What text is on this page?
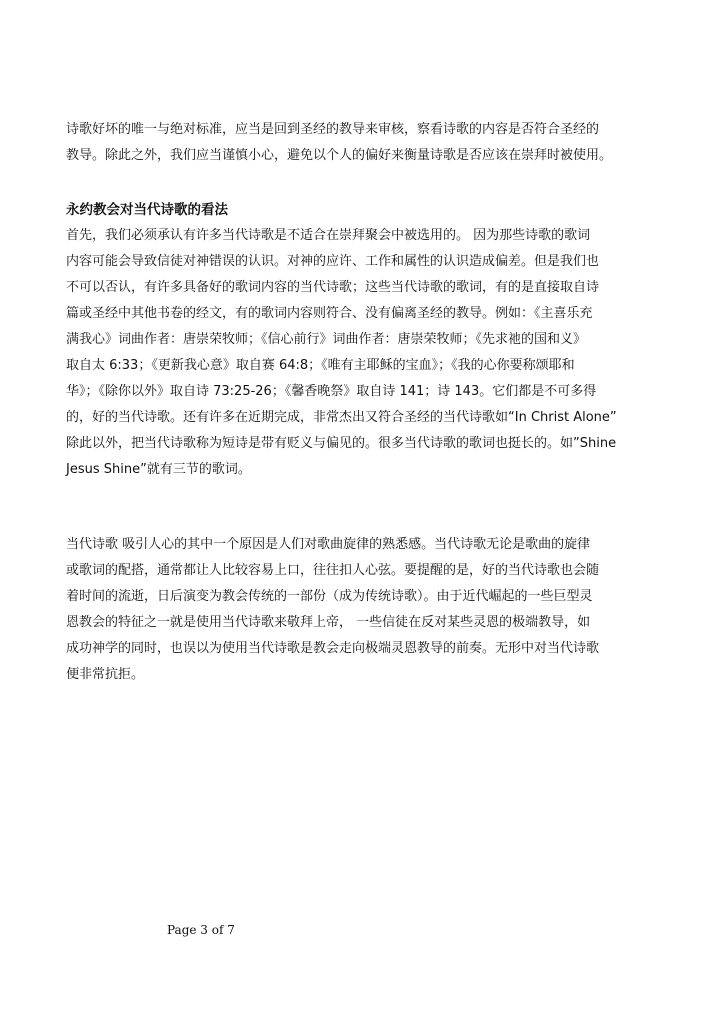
诗歌好坏的唯一与绝对标准，应当是回到圣经的教导来审核，察看诗歌的内容是否符合圣经的
教导。除此之外，我们应当谨慎小心，避免以个人的偏好来衡量诗歌是否应该在崇拜时被使用。
永约教会对当代诗歌的看法
首先，我们必须承认有许多当代诗歌是不适合在崇拜聚会中被选用的。 因为那些诗歌的歌词
内容可能会导致信徒对神错误的认识。对神的应许、工作和属性的认识造成偏差。但是我们也
不可以否认，有许多具备好的歌词内容的当代诗歌；这些当代诗歌的歌词，有的是直接取自诗
篇或圣经中其他书卷的经文，有的歌词内容则符合、没有偏离圣经的教导。例如：《主喜乐充
满我心》词曲作者：唐崇荣牧师；《信心前行》词曲作者：唐崇荣牧师；《先求祂的国和义》
取自太 6:33；《更新我心意》取自赛 64:8；《唯有主耶稣的宝血》；《我的心你要称颂耶和
华》；《除你以外》取自诗 73:25-26；《馨香晚祭》取自诗 141；诗 143。它们都是不可多得
的，好的当代诗歌。还有许多在近期完成，非常杰出又符合圣经的当代诗歌如“In Christ Alone”
除此以外，把当代诗歌称为短诗是带有贬义与偏见的。很多当代诗歌的歌词也挺长的。如”Shine
Jesus Shine”就有三节的歌词。
当代诗歌 吸引人心的其中一个原因是人们对歌曲旋律的熟悉感。当代诗歌无论是歌曲的旋律
或歌词的配搭，通常都让人比较容易上口，往往扣人心弦。要提醒的是，好的当代诗歌也会随
着时间的流逝，日后演变为教会传统的一部份（成为传统诗歌）。由于近代崛起的一些巨型灵
恩教会的特征之一就是使用当代诗歌来敬拜上帝， 一些信徒在反对某些灵恩的极端教导，如
成功神学的同时，也误以为使用当代诗歌是教会走向极端灵恩教导的前奏。无形中对当代诗歌
便非常抗拒。
Page 3 of 7
